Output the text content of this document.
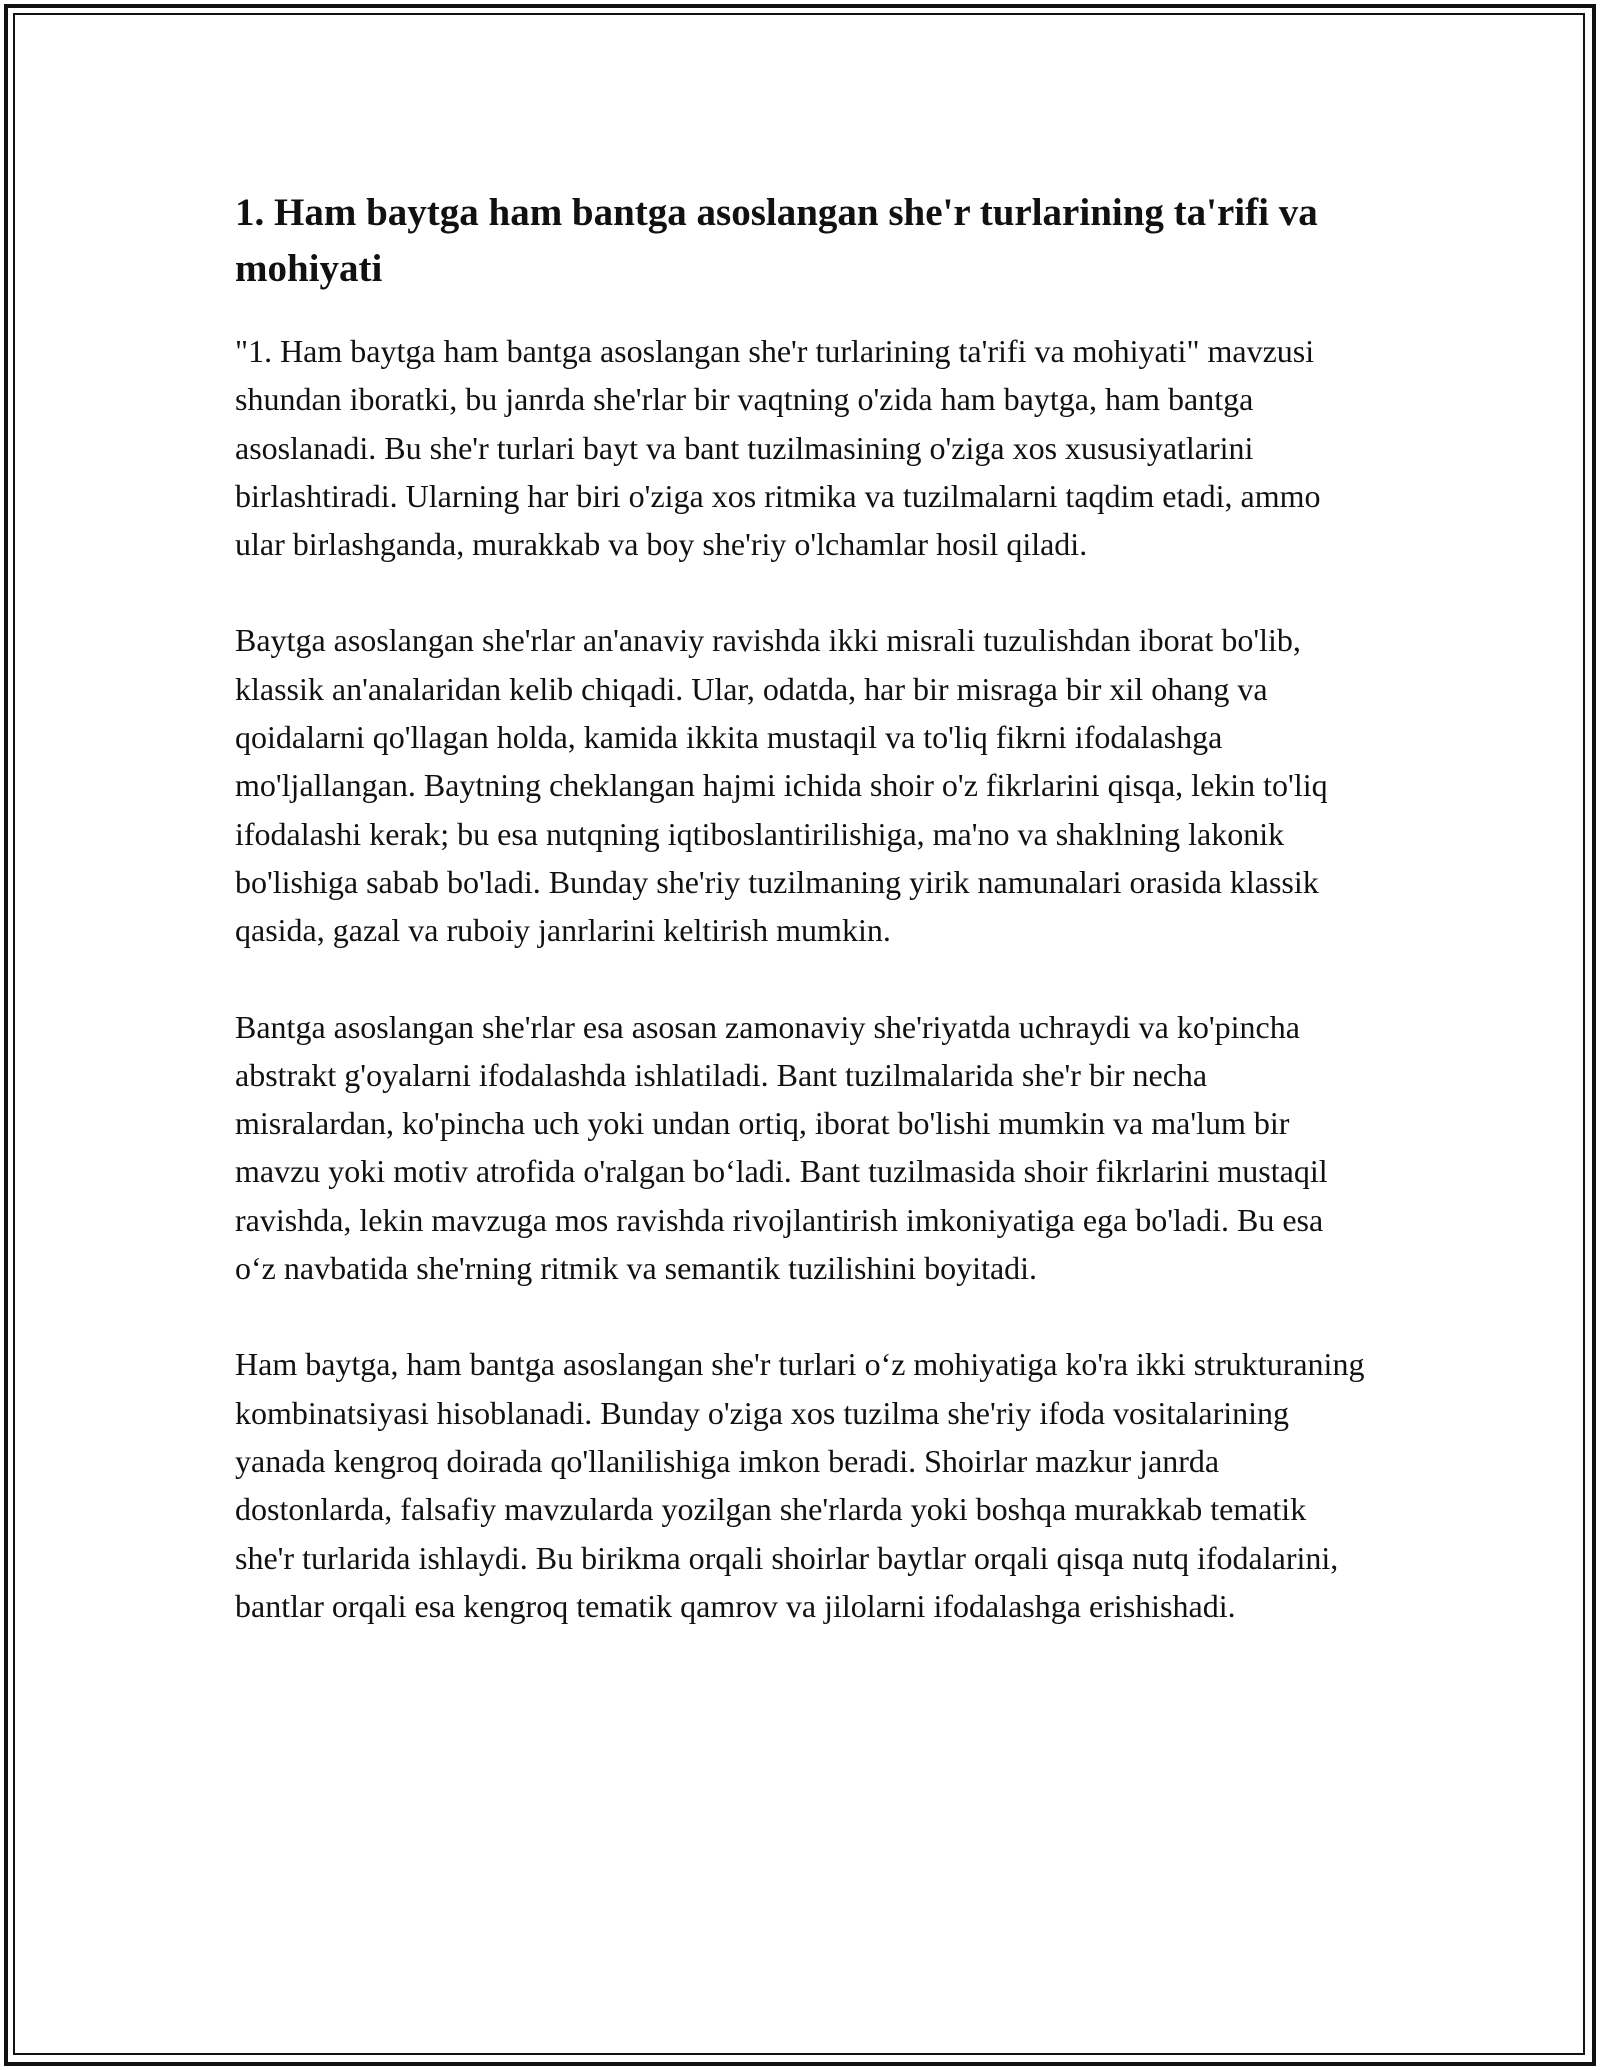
1. Ham baytga ham bantga asoslangan she'r turlarining ta'rifi va mohiyati

"1. Ham baytga ham bantga asoslangan she'r turlarining ta'rifi va mohiyati" mavzusi shundan iboratki, bu janrda she'rlar bir vaqtning o'zida ham baytga, ham bantga asoslanadi. Bu she'r turlari bayt va bant tuzilmasining o'ziga xos xususiyatlarini birlashtiradi. Ularning har biri o'ziga xos ritmika va tuzilmalarni taqdim etadi, ammo ular birlashganda, murakkab va boy she'riy o'lchamlar hosil qiladi.

Baytga asoslangan she'rlar an'anaviy ravishda ikki misrali tuzulishdan iborat bo'lib, klassik an'analaridan kelib chiqadi. Ular, odatda, har bir misraga bir xil ohang va qoidalarni qo'llagan holda, kamida ikkita mustaqil va to'liq fikrni ifodalashga mo'ljallangan. Baytning cheklangan hajmi ichida shoir o'z fikrlarini qisqa, lekin to'liq ifodalashi kerak; bu esa nutqning iqtiboslantirilishiga, ma'no va shaklning lakonik bo'lishiga sabab bo'ladi. Bunday she'riy tuzilmaning yirik namunalari orasida klassik qasida, gazal va ruboiy janrlarini keltirish mumkin.

Bantga asoslangan she'rlar esa asosan zamonaviy she'riyatda uchraydi va ko'pincha abstrakt g'oyalarni ifodalashda ishlatiladi. Bant tuzilmalarida she'r bir necha misralardan, ko'pincha uch yoki undan ortiq, iborat bo'lishi mumkin va ma'lum bir mavzu yoki motiv atrofida o'ralgan bo‘ladi. Bant tuzilmasida shoir fikrlarini mustaqil ravishda, lekin mavzuga mos ravishda rivojlantirish imkoniyatiga ega bo'ladi. Bu esa o‘z navbatida she'rning ritmik va semantik tuzilishini boyitadi.

Ham baytga, ham bantga asoslangan she'r turlari o‘z mohiyatiga ko'ra ikki strukturaning kombinatsiyasi hisoblanadi. Bunday o'ziga xos tuzilma she'riy ifoda vositalarining yanada kengroq doirada qo'llanilishiga imkon beradi. Shoirlar mazkur janrda dostonlarda, falsafiy mavzularda yozilgan she'rlarda yoki boshqa murakkab tematik she'r turlarida ishlaydi. Bu birikma orqali shoirlar baytlar orqali qisqa nutq ifodalarini, bantlar orqali esa kengroq tematik qamrov va jilolarni ifodalashga erishishadi.
